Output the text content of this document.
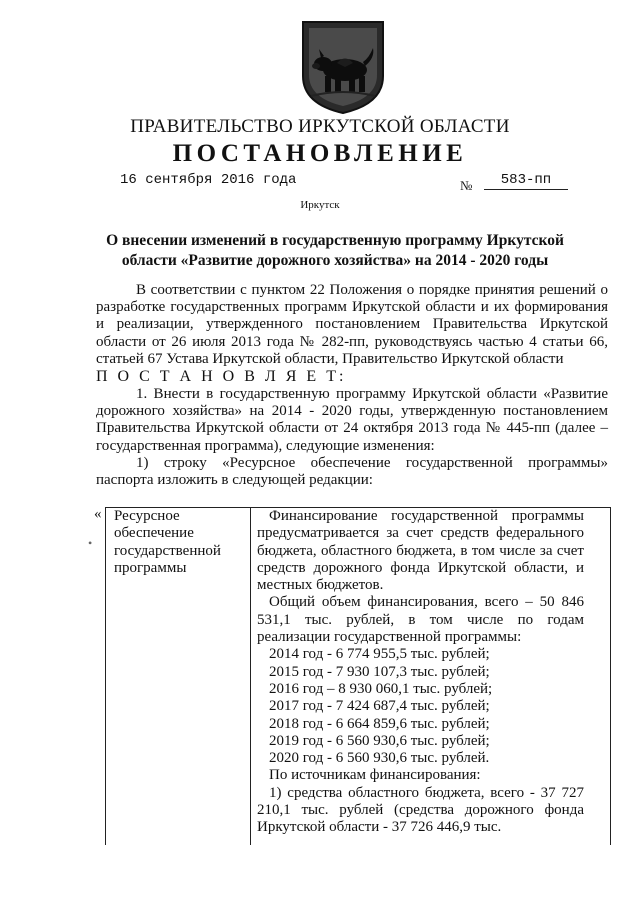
ПРАВИТЕЛЬСТВО ИРКУТСКОЙ ОБЛАСТИ
ПОСТАНОВЛЕНИЕ
16 сентября 2016 года	№	583-пп
Иркутск
О внесении изменений в государственную программу Иркутской
области «Развитие дорожного хозяйства» на 2014 - 2020 годы

В соответствии с пунктом 22 Положения о порядке принятия решений о разработке государственных программ Иркутской области и их формирования и реализации, утвержденного постановлением Правительства Иркутской области от 26 июля 2013 года № 282-пп, руководствуясь частью 4 статьи 66, статьей 67 Устава Иркутской области, Правительство Иркутской области

П О С Т А Н О В Л Я Е Т:

1. Внести в государственную программу Иркутской области «Развитие дорожного хозяйства» на 2014 - 2020 годы, утвержденную постановлением Правительства Иркутской области от 24 октября 2013 года № 445-пп (далее – государственная программа), следующие изменения:

1) строку «Ресурсное обеспечение государственной программы» паспорта изложить в следующей редакции:

«
•
Ресурсное
обеспечение
государственной
программы

Финансирование государственной программы предусматривается за счет средств федерального бюджета, областного бюджета, в том числе за счет средств дорожного фонда Иркутской области, и местных бюджетов.

Общий объем финансирования, всего – 50 846 531,1 тыс. рублей, в том числе по годам реализации государственной программы:

2014 год - 6 774 955,5 тыс. рублей;
2015 год - 7 930 107,3 тыс. рублей;
2016 год – 8 930 060,1 тыс. рублей;
2017 год - 7 424 687,4 тыс. рублей;
2018 год - 6 664 859,6 тыс. рублей;
2019 год - 6 560 930,6 тыс. рублей;
2020 год - 6 560 930,6 тыс. рублей.
По источникам финансирования:

1) средства областного бюджета, всего - 37 727 210,1 тыс. рублей (средства дорожного фонда Иркутской области - 37 726 446,9 тыс.
